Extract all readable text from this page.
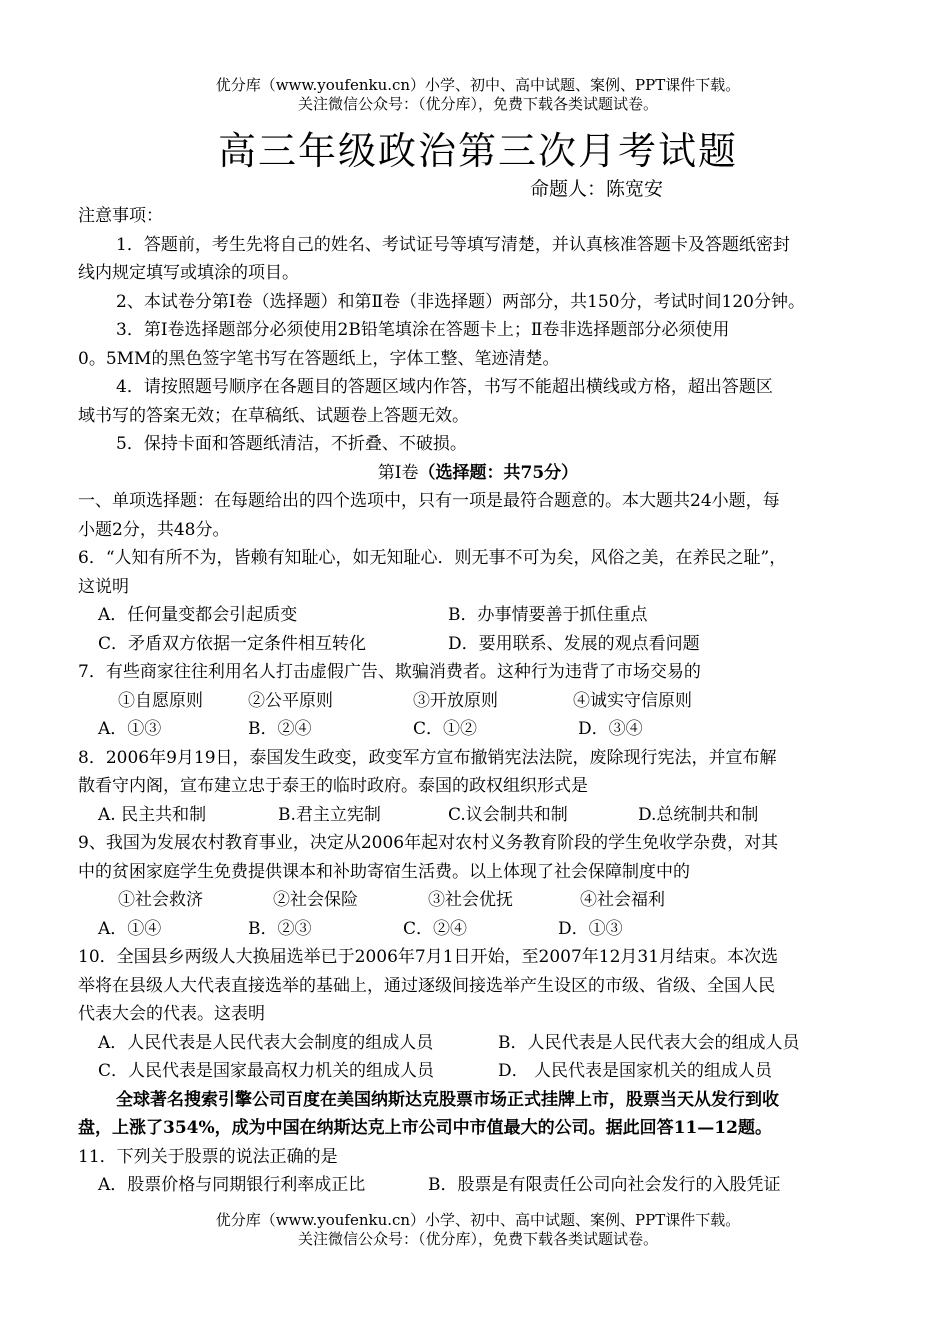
优分库（www.youfenku.cn）小学、初中、高中试题、案例、PPT课件下载。
关注微信公众号：（优分库），免费下载各类试题试卷。
高三年级政治第三次月考试题
命题人：陈宽安

注意事项：

1．答题前，考生先将自己的姓名、考试证号等填写清楚，并认真核准答题卡及答题纸密封

线内规定填写或填涂的项目。

2、本试卷分第Ⅰ卷（选择题）和第Ⅱ卷（非选择题）两部分，共150分，考试时间120分钟。

3．第Ⅰ卷选择题部分必须使用2B铅笔填涂在答题卡上；Ⅱ卷非选择题部分必须使用

0。5MM的黑色签字笔书写在答题纸上，字体工整、笔迹清楚。

4．请按照题号顺序在各题目的答题区域内作答，书写不能超出横线或方格，超出答题区

域书写的答案无效；在草稿纸、试题卷上答题无效。

5．保持卡面和答题纸清洁，不折叠、不破损。

第Ⅰ卷（选择题：共75分）

一、单项选择题：在每题给出的四个选项中，只有一项是最符合题意的。本大题共24小题，每

小题2分，共48分。

6．“人知有所不为，皆赖有知耻心，如无知耻心．则无事不可为矣，风俗之美，在养民之耻”，

这说明

A．任何量变都会引起质变	B．办事情要善于抓住重点
C．矛盾双方依据一定条件相互转化	D．要用联系、发展的观点看问题

7．有些商家往往利用名人打击虚假广告、欺骗消费者。这种行为违背了市场交易的

①自愿原则	②公平原则	③开放原则	④诚实守信原则
A．①③	B．②④	C．①②	D．③④

8．2006年9月19日，泰国发生政变，政变军方宣布撤销宪法法院，废除现行宪法，并宣布解

散看守内阁，宣布建立忠于泰王的临时政府。泰国的政权组织形式是

A. 民主共和制	B.君主立宪制	C.议会制共和制	D.总统制共和制

9、我国为发展农村教育事业，决定从2006年起对农村义务教育阶段的学生免收学杂费，对其

中的贫困家庭学生免费提供课本和补助寄宿生活费。以上体现了社会保障制度中的

①社会救济	②社会保险	③社会优抚	④社会福利
A．①④	B．②③	C．②④	D．①③

10．全国县乡两级人大换届选举已于2006年7月1日开始，至2007年12月31月结束。本次选

举将在县级人大代表直接选举的基础上，通过逐级间接选举产生设区的市级、省级、全国人民

代表大会的代表。这表明

A．人民代表是人民代表大会制度的组成人员	B．人民代表是人民代表大会的组成人员
C．人民代表是国家最高权力机关的组成人员	D． 人民代表是国家机关的组成人员

全球著名搜索引擎公司百度在美国纳斯达克股票市场正式挂牌上市，股票当天从发行到收

盘，上涨了354%，成为中国在纳斯达克上市公司中市值最大的公司。据此回答11—12题。

11．下列关于股票的说法正确的是

A．股票价格与同期银行利率成正比	B．股票是有限责任公司向社会发行的入股凭证
优分库（www.youfenku.cn）小学、初中、高中试题、案例、PPT课件下载。
关注微信公众号：（优分库），免费下载各类试题试卷。
